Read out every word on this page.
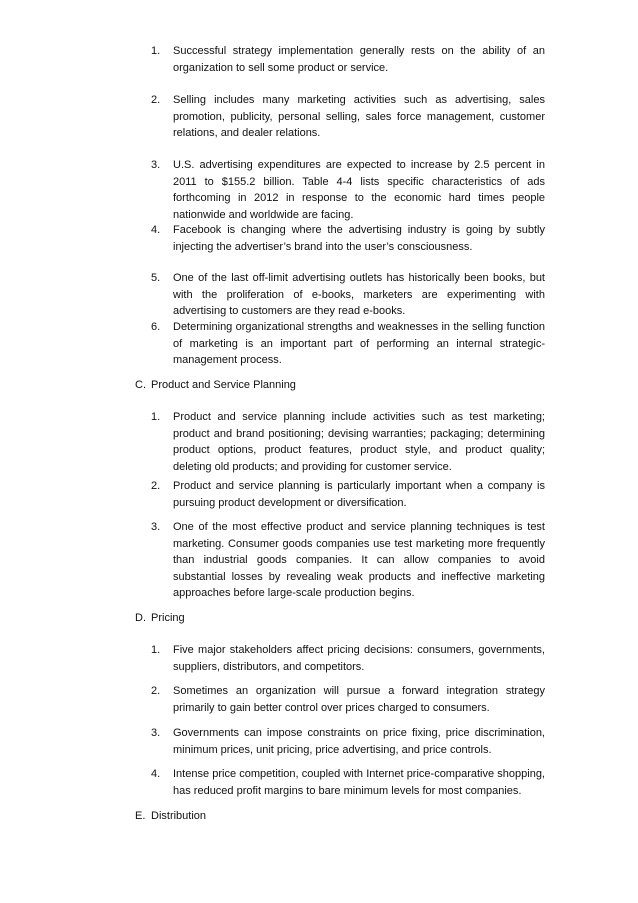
1. Successful strategy implementation generally rests on the ability of an organization to sell some product or service.
2. Selling includes many marketing activities such as advertising, sales promotion, publicity, personal selling, sales force management, customer relations, and dealer relations.
3. U.S. advertising expenditures are expected to increase by 2.5 percent in 2011 to $155.2 billion. Table 4-4 lists specific characteristics of ads forthcoming in 2012 in response to the economic hard times people nationwide and worldwide are facing.
4. Facebook is changing where the advertising industry is going by subtly injecting the advertiser’s brand into the user’s consciousness.
5. One of the last off-limit advertising outlets has historically been books, but with the proliferation of e-books, marketers are experimenting with advertising to customers are they read e-books.
6. Determining organizational strengths and weaknesses in the selling function of marketing is an important part of performing an internal strategic-management process.
C. Product and Service Planning
1. Product and service planning include activities such as test marketing; product and brand positioning; devising warranties; packaging; determining product options, product features, product style, and product quality; deleting old products; and providing for customer service.
2. Product and service planning is particularly important when a company is pursuing product development or diversification.
3. One of the most effective product and service planning techniques is test marketing. Consumer goods companies use test marketing more frequently than industrial goods companies. It can allow companies to avoid substantial losses by revealing weak products and ineffective marketing approaches before large-scale production begins.
D. Pricing
1. Five major stakeholders affect pricing decisions: consumers, governments, suppliers, distributors, and competitors.
2. Sometimes an organization will pursue a forward integration strategy primarily to gain better control over prices charged to consumers.
3. Governments can impose constraints on price fixing, price discrimination, minimum prices, unit pricing, price advertising, and price controls.
4. Intense price competition, coupled with Internet price-comparative shopping, has reduced profit margins to bare minimum levels for most companies.
E. Distribution
